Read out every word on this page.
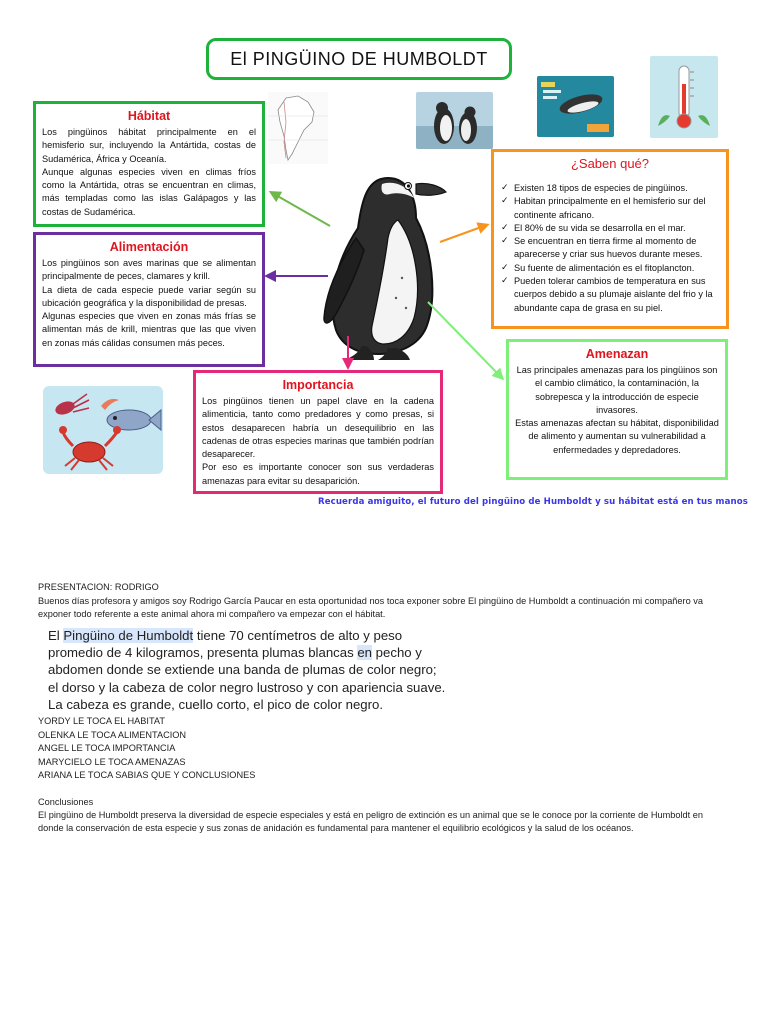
El PINGÜINO DE HUMBOLDT
Hábitat

Los pingüinos hábitat principalmente en el hemisferio sur, incluyendo la Antártida, costas de Sudamérica, África y Oceanía.

Aunque algunas especies viven en climas fríos como la Antártida, otras se encuentran en climas, más templadas como las islas Galápagos y las costas de Sudamérica.

Alimentación

Los pingüinos son aves marinas que se alimentan principalmente de peces, clamares y krill.

La dieta de cada especie puede variar según su ubicación geográfica y la disponibilidad de presas.

Algunas especies que viven en zonas más frías se alimentan más de krill, mientras que las que viven en zonas más cálidas consumen más peces.

Importancia

Los pingüinos tienen un papel clave en la cadena alimenticia, tanto como predadores y como presas, si estos desaparecen habría un desequilibrio en las cadenas de otras especies marinas que también podrían desaparecer.

Por eso es importante conocer son sus verdaderas amenazas para evitar su desaparición.

¿Saben qué?
✓ Existen 18 tipos de especies de pingüinos.
✓ Habitan principalmente en el hemisferio sur del continente africano.
✓ El 80% de su vida se desarrolla en el mar.
✓ Se encuentran en tierra firme al momento de aparecerse y criar sus huevos durante meses.
✓ Su fuente de alimentación es el fitoplancton.
✓ Pueden tolerar cambios de temperatura en sus cuerpos debido a su plumaje aislante del frio y la abundante capa de grasa en su piel.
Amenazan

Las principales amenazas para los pingüinos son el cambio climático, la contaminación, la sobrepesca y la introducción de especie invasores.

Estas amenazas afectan su hábitat, disponibilidad de alimento y aumentan su vulnerabilidad a enfermedades y depredadores.

Recuerda amiguito, el futuro del pingüino de Humboldt y su hábitat está en tus manos
PRESENTACION: RODRIGO
Buenos días profesora y amigos soy Rodrigo García Paucar en esta oportunidad nos toca exponer sobre El pingüino de Humboldt a continuación mi compañero va exponer todo referente a este animal ahora mi compañero va empezar con el hábitat.
El Pingüino de Humboldt tiene 70 centímetros de alto y peso promedio de 4 kilogramos, presenta plumas blancas en pecho y abdomen donde se extiende una banda de plumas de color negro; el dorso y la cabeza de color negro lustroso y con apariencia suave. La cabeza es grande, cuello corto, el pico de color negro.
YORDY LE TOCA EL HABITAT
OLENKA LE TOCA ALIMENTACION
ANGEL LE TOCA IMPORTANCIA
MARYCIELO LE TOCA AMENAZAS
ARIANA LE TOCA SABIAS QUE Y CONCLUSIONES
Conclusiones
El pingüino de Humboldt preserva la diversidad de especie especiales y está en peligro de extinción es un animal que se le conoce por la corriente de Humboldt en donde la conservación de esta especie y sus zonas de anidación es fundamental para mantener el equilibrio ecológicos y la salud de los océanos.
